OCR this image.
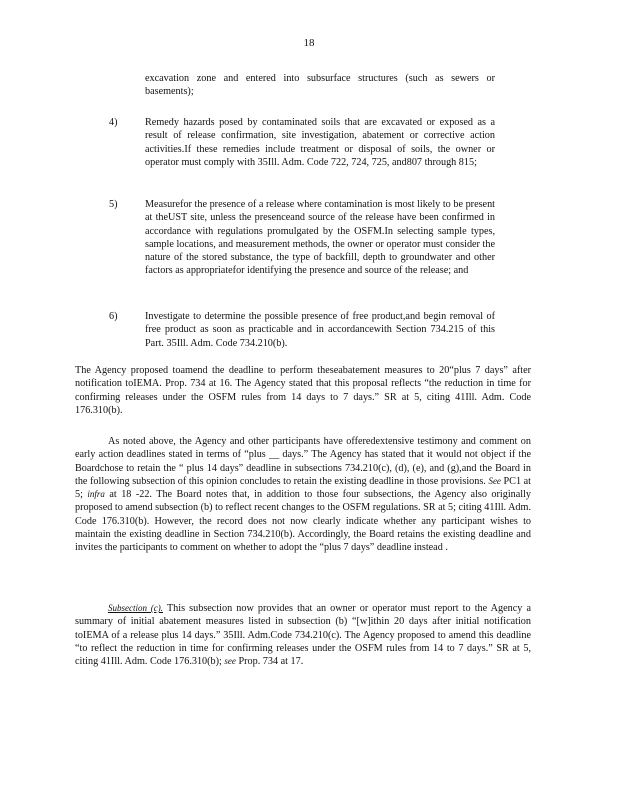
18
excavation zone and entered into subsurface structures (such as sewers or basements);
4)	Remedy hazards posed by contaminated soils that are excavated or exposed as a result of release confirmation, site investigation, abatement or corrective action activities.If these remedies include treatment or disposal of soils, the owner or operator must comply with 35Ill. Adm. Code 722, 724, 725, and807 through 815;
5)	Measurefor the presence of a release where contamination is most likely to be present at theUST site, unless the presenceand source of the release have been confirmed in accordance with regulations promulgated by the OSFM.In selecting sample types, sample locations, and measurement methods, the owner or operator must consider the nature of the stored substance, the type of backfill, depth to groundwater and other factors as appropriatefor identifying the presence and source of the release; and
6)	Investigate to determine the possible presence of free product,and begin removal of free product as soon as practicable and in accordancewith Section 734.215 of this Part. 35Ill. Adm. Code 734.210(b).
The Agency proposed toamend the deadline to perform theseabatement measures to 20“plus 7 days” after notification toIEMA. Prop. 734 at 16. The Agency stated that this proposal reflects “the reduction in time for confirming releases under the OSFM rules from 14 days to 7 days.” SR at 5, citing 41Ill. Adm. Code 176.310(b).
As noted above, the Agency and other participants have offeredextensive testimony and comment on early action deadlines stated in terms of “plus __ days.” The Agency has stated that it would not object if the Boardchose to retain the “ plus 14 days” deadline in subsections 734.210(c), (d), (e), and (g),and the Board in the following subsection of this opinion concludes to retain the existing deadline in those provisions. See PC1 at 5; infra at 18 -22. The Board notes that, in addition to those four subsections, the Agency also originally proposed to amend subsection (b) to reflect recent changes to the OSFM regulations. SR at 5; citing 41Ill. Adm. Code 176.310(b). However, the record does not now clearly indicate whether any participant wishes to maintain the existing deadline in Section 734.210(b). Accordingly, the Board retains the existing deadline and invites the participants to comment on whether to adopt the “plus 7 days” deadline instead .
Subsection (c). This subsection now provides that an owner or operator must report to the Agency a summary of initial abatement measures listed in subsection (b) “[w]ithin 20 days after initial notification toIEMA of a release plus 14 days.” 35Ill. Adm.Code 734.210(c). The Agency proposed to amend this deadline “to reflect the reduction in time for confirming releases under the OSFM rules from 14 to 7 days.” SR at 5, citing 41Ill. Adm. Code 176.310(b); see Prop. 734 at 17.
